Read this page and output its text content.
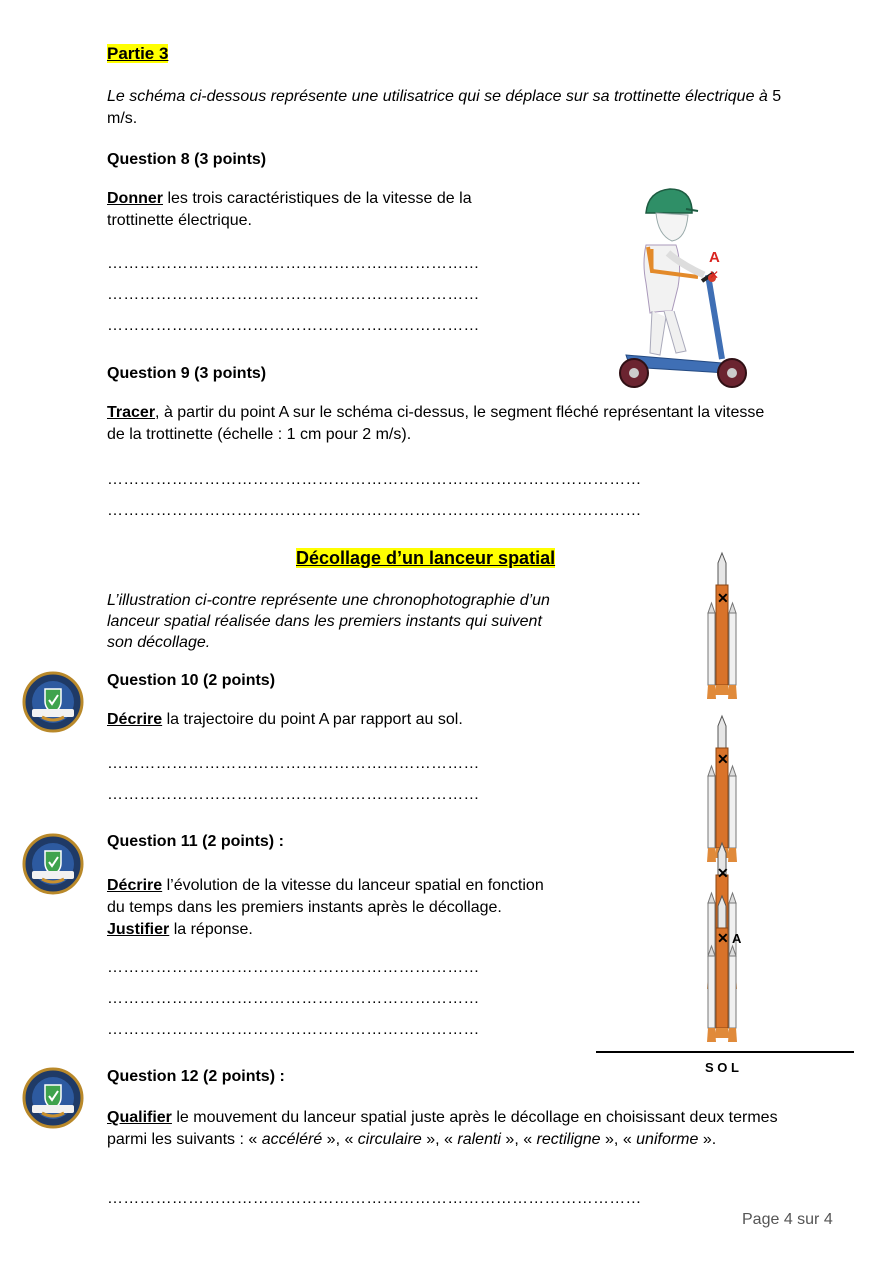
Partie 3
Le schéma ci-dessous représente une utilisatrice qui se déplace sur sa trottinette électrique à 5 m/s.
Question 8 (3 points)
Donner les trois caractéristiques de la vitesse de la trottinette électrique.
……………………………………………………………
……………………………………………………………
……………………………………………………………
A
✕
Question 9 (3 points)
Tracer, à partir du point A sur le schéma ci-dessus, le segment fléché représentant la vitesse de la trottinette (échelle : 1 cm pour 2 m/s).
………………………………………………………………………………………
………………………………………………………………………………………
Décollage d’un lanceur spatial
L’illustration ci-contre représente une chronophotographie d’un lanceur spatial réalisée dans les premiers instants qui suivent son décollage.
Question 10 (2 points)
Décrire la trajectoire du point A par rapport au sol.
……………………………………………………………
……………………………………………………………
Question 11 (2 points) :
Décrire l’évolution de la vitesse du lanceur spatial en fonction du temps dans les premiers instants après le décollage. Justifier la réponse.
……………………………………………………………
……………………………………………………………
……………………………………………………………
✕
✕
✕
✕ A
S O L
Question 12 (2 points) :
Qualifier le mouvement du lanceur spatial juste après le décollage en choisissant deux termes parmi les suivants : « accéléré », « circulaire », « ralenti », « rectiligne », « uniforme ».
………………………………………………………………………………………
Page 4 sur 4
